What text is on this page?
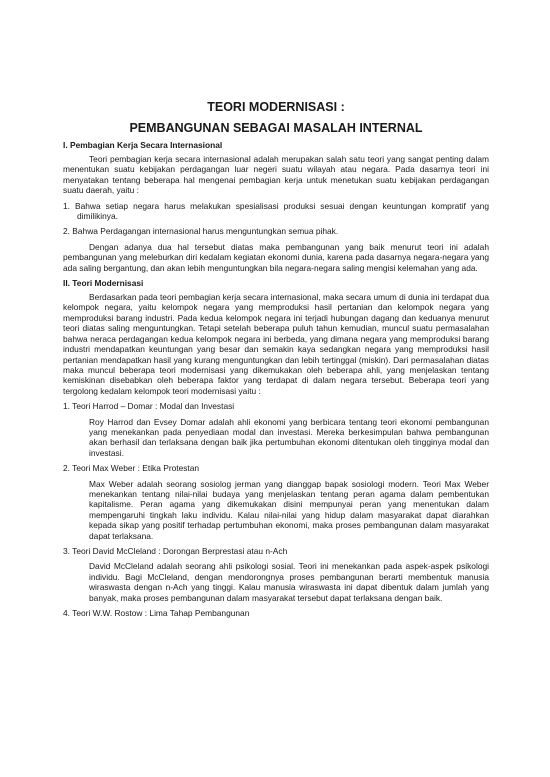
TEORI MODERNISASI :
PEMBANGUNAN SEBAGAI MASALAH INTERNAL
I. Pembagian Kerja Secara Internasional

Teori pembagian kerja secara internasional adalah merupakan salah satu teori yang sangat penting dalam menentukan suatu kebijakan perdagangan luar negeri suatu wilayah atau negara. Pada dasarnya teori ini menyatakan tentang beberapa hal mengenai pembagian kerja untuk menetukan suatu kebijakan perdagangan suatu daerah, yaitu :

1. Bahwa setiap negara harus melakukan spesialisasi produksi sesuai dengan keuntungan kompratif yang dimilikinya.
2. Bahwa Perdagangan internasional harus menguntungkan semua pihak.

Dengan adanya dua hal tersebut diatas maka pembangunan yang baik menurut teori ini adalah pembangunan yang meleburkan diri kedalam kegiatan ekonomi dunia, karena pada dasarnya negara-negara yang ada saling bergantung, dan akan lebih menguntungkan bila negara-negara saling mengisi kelemahan yang ada.

II. Teori Modernisasi

Berdasarkan pada teori pembagian kerja secara internasional, maka secara umum di dunia ini terdapat dua kelompok negara, yaitu kelompok negara yang memproduksi hasil pertanian dan kelompok negara yang memproduksi barang industri. Pada kedua kelompok negara ini terjadi hubungan dagang dan keduanya menurut teori diatas saling menguntungkan. Tetapi setelah beberapa puluh tahun kemudian, muncul suatu permasalahan bahwa neraca perdagangan kedua kelompok negara ini berbeda, yang dimana negara yang memproduksi barang industri mendapatkan keuntungan yang besar dan semakin kaya sedangkan negara yang memproduksi hasil pertanian mendapatkan hasil yang kurang menguntungkan dan lebih tertinggal (miskin). Dari permasalahan diatas maka muncul beberapa teori modernisasi yang dikemukakan oleh beberapa ahli, yang menjelaskan tentang kemiskinan disebabkan oleh beberapa faktor yang terdapat di dalam negara tersebut. Beberapa teori yang tergolong kedalam kelompok teori modernisasi yaitu :

1. Teori Harrod – Domar : Modal dan Investasi
Roy Harrod dan Evsey Domar adalah ahli ekonomi yang berbicara tentang teori ekonomi pembangunan yang menekankan pada penyediaan modal dan investasi. Mereka berkesimpulan bahwa pembangunan akan berhasil dan terlaksana dengan baik jika pertumbuhan ekonomi ditentukan oleh tingginya modal dan investasi.
2. Teori Max Weber : Etika Protestan
Max Weber adalah seorang sosiolog jerman yang dianggap bapak sosiologi modern. Teori Max Weber menekankan tentang nilai-nilai budaya yang menjelaskan tentang peran agama dalam pembentukan kapitalisme. Peran agama yang dikemukakan disini mempunyai peran yang menentukan dalam mempengaruhi tingkah laku individu. Kalau nilai-nilai yang hidup dalam masyarakat dapat diarahkan kepada sikap yang positif terhadap pertumbuhan ekonomi, maka proses pembangunan dalam masyarakat dapat terlaksana.
3. Teori David McCleland : Dorongan Berprestasi atau n-Ach
David McCleland adalah seorang ahli psikologi sosial. Teori ini menekankan pada aspek-aspek psikologi individu. Bagi McCleland, dengan mendorongnya proses pembangunan berarti membentuk manusia wiraswasta dengan n-Ach yang tinggi. Kalau manusia wiraswasta ini dapat dibentuk dalam jumlah yang banyak, maka proses pembangunan dalam masyarakat tersebut dapat terlaksana dengan baik.
4. Teori W.W. Rostow : Lima Tahap Pembangunan
